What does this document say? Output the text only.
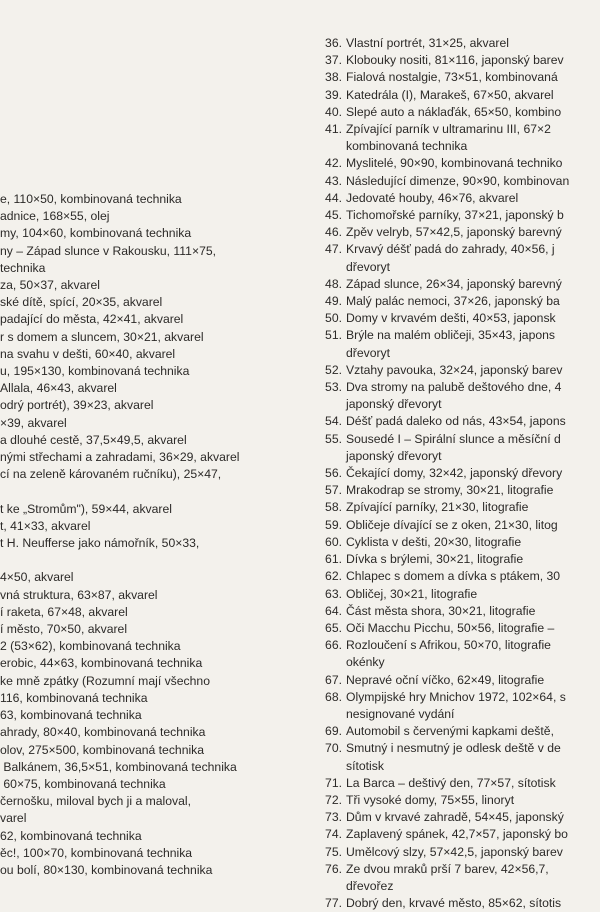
e, 110×50, kombinovaná technika
adnice, 168×55, olej
my, 104×60, kombinovaná technika
ny – Západ slunce v Rakousku, 111×75,
technika
za, 50×37, akvarel
ské dítě, spící, 20×35, akvarel
padající do města, 42×41, akvarel
r s domem a sluncem, 30×21, akvarel
na svahu v dešti, 60×40, akvarel
u, 195×130, kombinovaná technika
Allala, 46×43, akvarel
odrý portrét), 39×23, akvarel
×39, akvarel
a dlouhé cestě, 37,5×49,5, akvarel
nými střechami a zahradami, 36×29, akvarel
cí na zeleně károvaném ručníku), 25×47,

t ke „Stromům"), 59×44, akvarel
t, 41×33, akvarel
t H. Neufferse jako námořník, 50×33,

4×50, akvarel
vná struktura, 63×87, akvarel
í raketa, 67×48, akvarel
í město, 70×50, akvarel
2 (53×62), kombinovaná technika
erobic, 44×63, kombinovaná technika
ke mně zpátky (Rozumní mají všechno
116, kombinovaná technika
63, kombinovaná technika
ahrady, 80×40, kombinovaná technika
olov, 275×500, kombinovaná technika
Balkánem, 36,5×51, kombinovaná technika
60×75, kombinovaná technika
černošku, miloval bych ji a maloval,
varel
62, kombinovaná technika
ěc!, 100×70, kombinovaná technika
ou bolí, 80×130, kombinovaná technika
36. Vlastní portrét, 31×25, akvarel
37. Klobouky nositi, 81×116, japonský barev
38. Fialová nostalgie, 73×51, kombinovaná
39. Katedrála (I), Marakeš, 67×50, akvarel
40. Slepé auto a náklaďák, 65×50, kombino
41. Zpívající parník v ultramarinu III, 67×2
kombinovaná technika
42. Myslitelé, 90×90, kombinovaná techniko
43. Následující dimenze, 90×90, kombinovan
44. Jedovaté houby, 46×76, akvarel
45. Tichomořské parníky, 37×21, japonský b
46. Zpěv velryb, 57×42,5, japonský barevný
47. Krvavý déšť padá do zahrady, 40×56, j
dřevoryt
48. Západ slunce, 26×34, japonský barevný
49. Malý palác nemoci, 37×26, japonský ba
50. Domy v krvavém dešti, 40×53, japonsk
51. Brýle na malém obličeji, 35×43, japons
dřevoryt
52. Vztahy pavouka, 32×24, japonský barev
53. Dva stromy na palubě deštového dne, 4
japonský dřevoryt
54. Déšť padá daleko od nás, 43×54, japons
55. Sousedé I – Spirální slunce a měsíční d
japonský dřevoryt
56. Čekající domy, 32×42, japonský dřevory
57. Mrakodrap se stromy, 30×21, litografie
58. Zpívající parníky, 21×30, litografie
59. Obličeje dívající se z oken, 21×30, litog
60. Cyklista v dešti, 20×30, litografie
61. Dívka s brýlemi, 30×21, litografie
62. Chlapec s domem a dívka s ptákem, 30
63. Obličej, 30×21, litografie
64. Část města shora, 30×21, litografie
65. Oči Macchu Picchu, 50×56, litografie –
66. Rozloučení s Afrikou, 50×70, litografie
okénky
67. Nepravé oční víčko, 62×49, litografie
68. Olympijské hry Mnichov 1972, 102×64, s
nesignované vydání
69. Automobil s červenými kapkami deště,
70. Smutný i nesmutný je odlesk deště v de
sítotisk
71. La Barca – deštivý den, 77×57, sítotisk
72. Tři vysoké domy, 75×55, linoryt
73. Dům v krvavé zahradě, 54×45, japonský
74. Zaplavený spánek, 42,7×57, japonský bo
75. Umělcový slzy, 57×42,5, japonský barev
76. Ze dvou mraků prší 7 barev, 42×56,7,
dřevořez
77. Dobrý den, krvavé město, 85×62, sítotis
